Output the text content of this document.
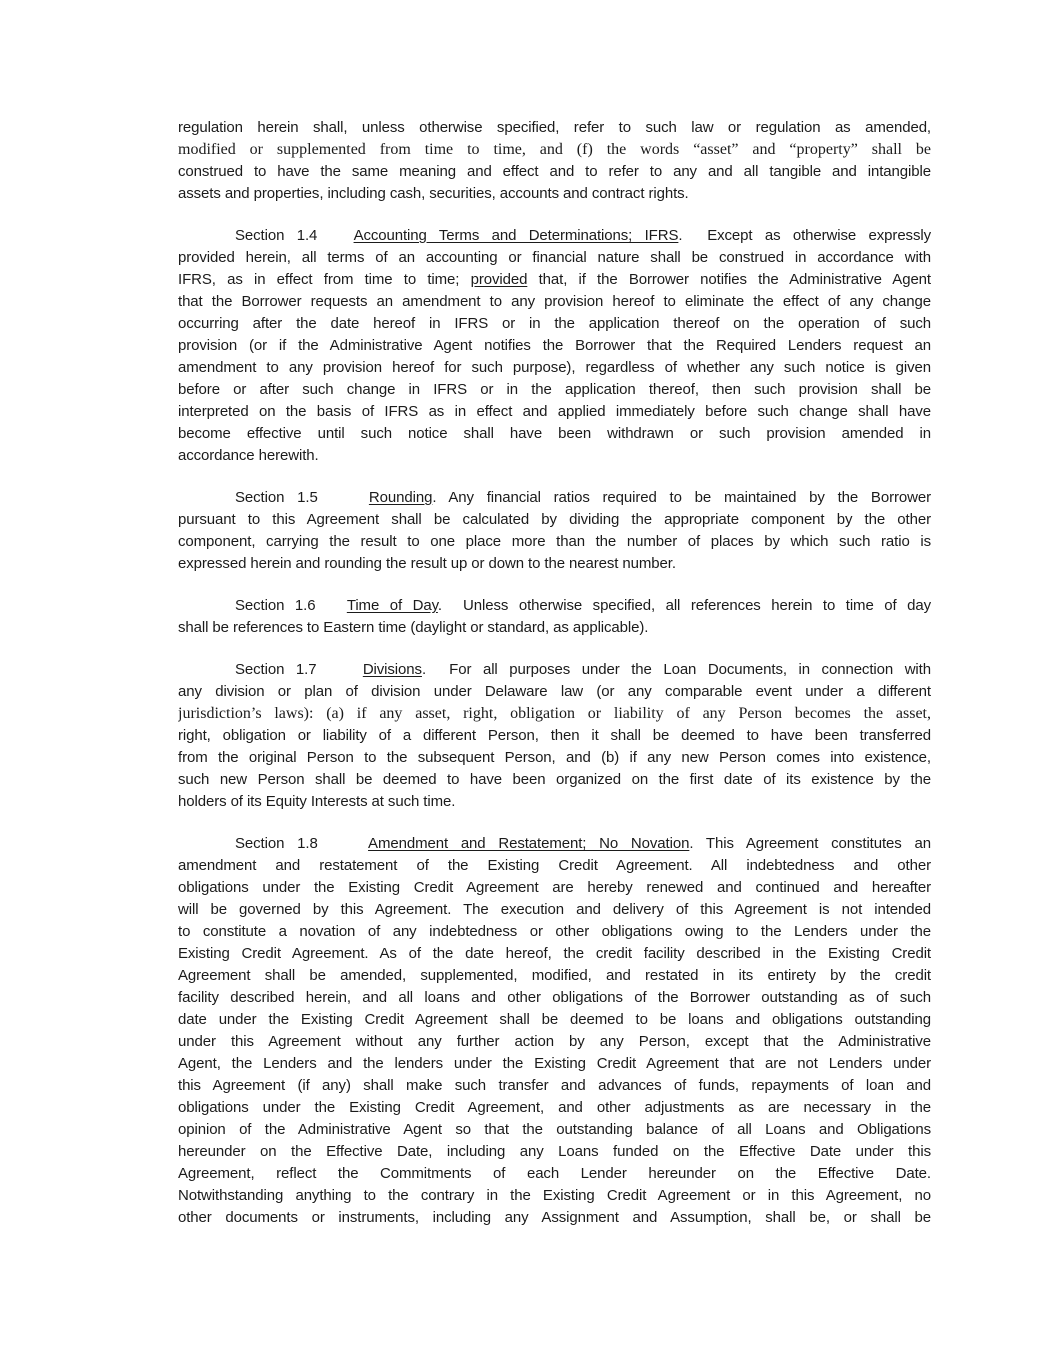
regulation herein shall, unless otherwise specified, refer to such law or regulation as amended,
modified or supplemented from time to time, and (f) the words “asset” and “property” shall be
construed to have the same meaning and effect and to refer to any and all tangible and intangible
assets and properties, including cash, securities, accounts and contract rights.
Section 1.4   Accounting Terms and Determinations; IFRS.  Except as otherwise expressly
provided herein, all terms of an accounting or financial nature shall be construed in accordance with
IFRS, as in effect from time to time; provided that, if the Borrower notifies the Administrative Agent
that the Borrower requests an amendment to any provision hereof to eliminate the effect of any change
occurring after the date hereof in IFRS or in the application thereof on the operation of such
provision (or if the Administrative Agent notifies the Borrower that the Required Lenders request an
amendment to any provision hereof for such purpose), regardless of whether any such notice is given
before or after such change in IFRS or in the application thereof, then such provision shall be
interpreted on the basis of IFRS as in effect and applied immediately before such change shall have
become effective until such notice shall have been withdrawn or such provision amended in
accordance herewith.
Section 1.5    Rounding. Any financial ratios required to be maintained by the Borrower
pursuant to this Agreement shall be calculated by dividing the appropriate component by the other
component, carrying the result to one place more than the number of places by which such ratio is
expressed herein and rounding the result up or down to the nearest number.
Section 1.6   Time of Day.  Unless otherwise specified, all references herein to time of day
shall be references to Eastern time (daylight or standard, as applicable).
Section 1.7    Divisions.  For all purposes under the Loan Documents, in connection with
any division or plan of division under Delaware law (or any comparable event under a different
jurisdiction’s laws): (a) if any asset, right, obligation or liability of any Person becomes the asset,
right, obligation or liability of a different Person, then it shall be deemed to have been transferred
from the original Person to the subsequent Person, and (b) if any new Person comes into existence,
such new Person shall be deemed to have been organized on the first date of its existence by the
holders of its Equity Interests at such time.
Section 1.8    Amendment and Restatement; No Novation. This Agreement constitutes an
amendment and restatement of the Existing Credit Agreement. All indebtedness and other
obligations under the Existing Credit Agreement are hereby renewed and continued and hereafter
will be governed by this Agreement. The execution and delivery of this Agreement is not intended
to constitute a novation of any indebtedness or other obligations owing to the Lenders under the
Existing Credit Agreement. As of the date hereof, the credit facility described in the Existing Credit
Agreement shall be amended, supplemented, modified, and restated in its entirety by the credit
facility described herein, and all loans and other obligations of the Borrower outstanding as of such
date under the Existing Credit Agreement shall be deemed to be loans and obligations outstanding
under this Agreement without any further action by any Person, except that the Administrative
Agent, the Lenders and the lenders under the Existing Credit Agreement that are not Lenders under
this Agreement (if any) shall make such transfer and advances of funds, repayments of loan and
obligations under the Existing Credit Agreement, and other adjustments as are necessary in the
opinion of the Administrative Agent so that the outstanding balance of all Loans and Obligations
hereunder on the Effective Date, including any Loans funded on the Effective Date under this
Agreement, reflect the Commitments of each Lender hereunder on the Effective Date.
Notwithstanding anything to the contrary in the Existing Credit Agreement or in this Agreement, no
other documents or instruments, including any Assignment and Assumption, shall be, or shall be
